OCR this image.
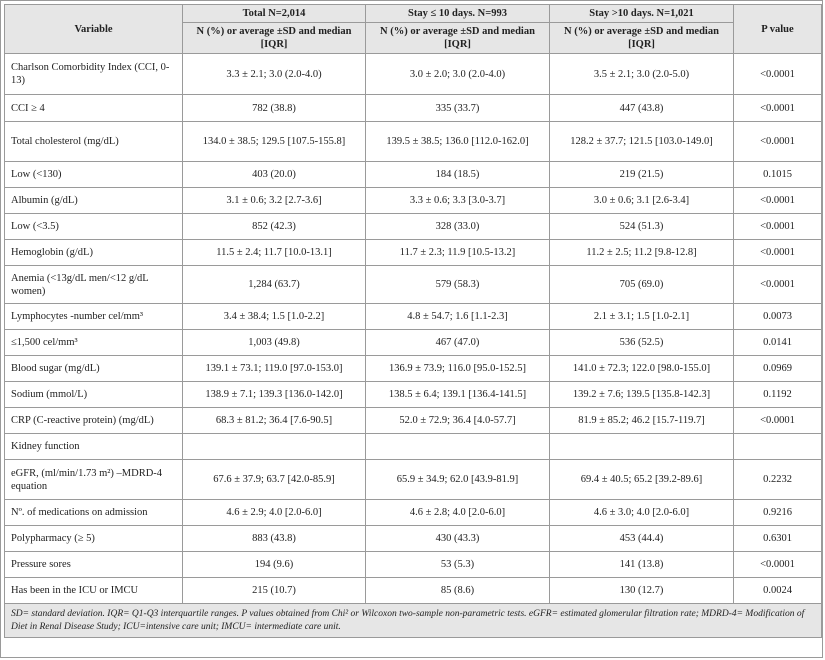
Variable	Total N=2,014	Stay ≤ 10 days. N=993	Stay >10 days. N=1,021	P value
	N (%) or average ±SD and median [IQR]	N (%) or average ±SD and median [IQR]	N (%) or average ±SD and median [IQR]	
Charlson Comorbidity Index (CCI, 0-13)	3.3 ± 2.1; 3.0 (2.0-4.0)	3.0 ± 2.0; 3.0 (2.0-4.0)	3.5 ± 2.1; 3.0 (2.0-5.0)	<0.0001
CCI ≥ 4	782 (38.8)	335 (33.7)	447 (43.8)	<0.0001
Total cholesterol (mg/dL)	134.0 ± 38.5; 129.5 [107.5-155.8]	139.5 ± 38.5; 136.0 [112.0-162.0]	128.2 ± 37.7; 121.5 [103.0-149.0]	<0.0001
Low (<130)	403 (20.0)	184 (18.5)	219 (21.5)	0.1015
Albumin (g/dL)	3.1 ± 0.6; 3.2 [2.7-3.6]	3.3 ± 0.6; 3.3 [3.0-3.7]	3.0 ± 0.6; 3.1 [2.6-3.4]	<0.0001
Low (<3.5)	852 (42.3)	328 (33.0)	524 (51.3)	<0.0001
Hemoglobin (g/dL)	11.5 ± 2.4; 11.7 [10.0-13.1]	11.7 ± 2.3; 11.9 [10.5-13.2]	11.2 ± 2.5; 11.2 [9.8-12.8]	<0.0001
Anemia (<13g/dL men/<12 g/dL women)	1,284 (63.7)	579 (58.3)	705 (69.0)	<0.0001
Lymphocytes -number cel/mm³	3.4 ± 38.4; 1.5 [1.0-2.2]	4.8 ± 54.7; 1.6 [1.1-2.3]	2.1 ± 3.1; 1.5 [1.0-2.1]	0.0073
≤1,500 cel/mm³	1,003 (49.8)	467 (47.0)	536 (52.5)	0.0141
Blood sugar (mg/dL)	139.1 ± 73.1; 119.0 [97.0-153.0]	136.9 ± 73.9; 116.0 [95.0-152.5]	141.0 ± 72.3; 122.0 [98.0-155.0]	0.0969
Sodium (mmol/L)	138.9 ± 7.1; 139.3 [136.0-142.0]	138.5 ± 6.4; 139.1 [136.4-141.5]	139.2 ± 7.6; 139.5 [135.8-142.3]	0.1192
CRP (C-reactive protein) (mg/dL)	68.3 ± 81.2; 36.4 [7.6-90.5]	52.0 ± 72.9; 36.4 [4.0-57.7]	81.9 ± 85.2; 46.2 [15.7-119.7]	<0.0001
Kidney function				
eGFR, (ml/min/1.73 m²) –MDRD-4 equation	67.6 ± 37.9; 63.7 [42.0-85.9]	65.9 ± 34.9; 62.0 [43.9-81.9]	69.4 ± 40.5; 65.2 [39.2-89.6]	0.2232
Nº. of medications on admission	4.6 ± 2.9; 4.0 [2.0-6.0]	4.6 ± 2.8; 4.0 [2.0-6.0]	4.6 ± 3.0; 4.0 [2.0-6.0]	0.9216
Polypharmacy (≥ 5)	883 (43.8)	430 (43.3)	453 (44.4)	0.6301
Pressure sores	194 (9.6)	53 (5.3)	141 (13.8)	<0.0001
Has been in the ICU or IMCU	215 (10.7)	85 (8.6)	130 (12.7)	0.0024
SD= standard deviation. IQR= Q1-Q3 interquartile ranges. P values obtained from Chi² or Wilcoxon two-sample non-parametric tests. eGFR= estimated glomerular filtration rate; MDRD-4= Modification of Diet in Renal Disease Study; ICU=intensive care unit; IMCU= intermediate care unit.				
